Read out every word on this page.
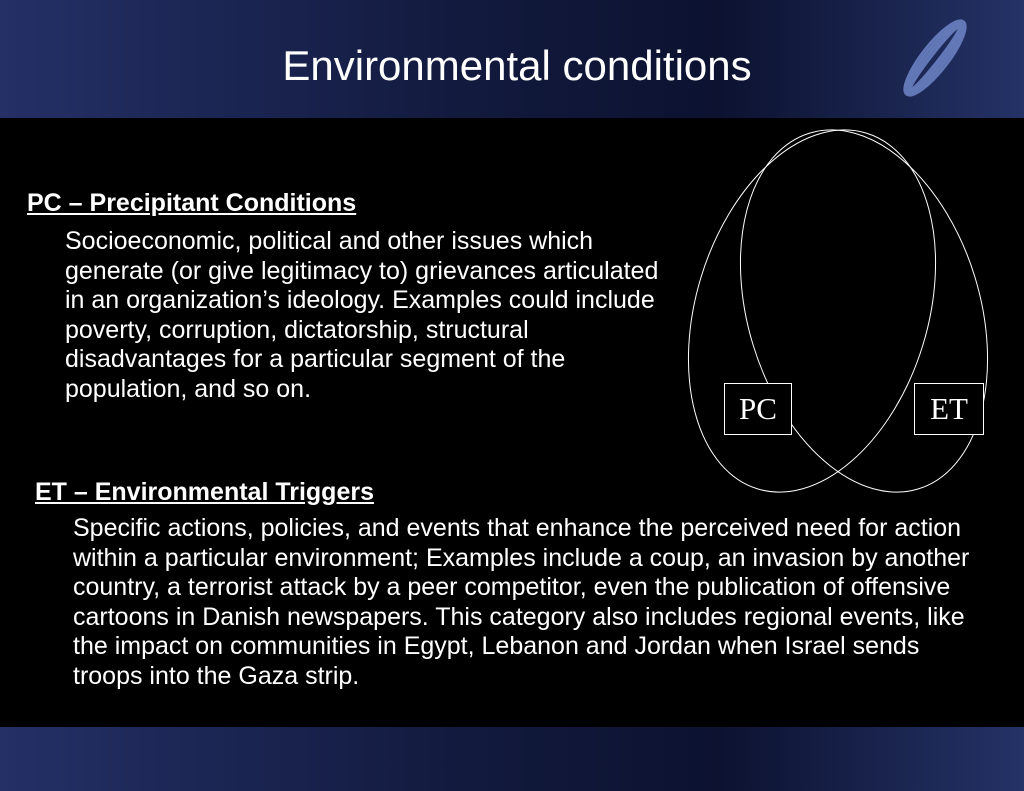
Environmental conditions
PC – Precipitant Conditions

Socioeconomic, political and other issues which generate (or give legitimacy to) grievances articulated in an organization’s ideology. Examples could include poverty, corruption, dictatorship, structural disadvantages for a particular segment of the population, and so on.

PC	ET
ET – Environmental Triggers

Specific actions, policies, and events that enhance the perceived need for action within a particular environment; Examples include a coup, an invasion by another country, a terrorist attack by a peer competitor, even the publication of offensive cartoons in Danish newspapers. This category also includes regional events, like the impact on communities in Egypt, Lebanon and Jordan when Israel sends troops into the Gaza strip.
